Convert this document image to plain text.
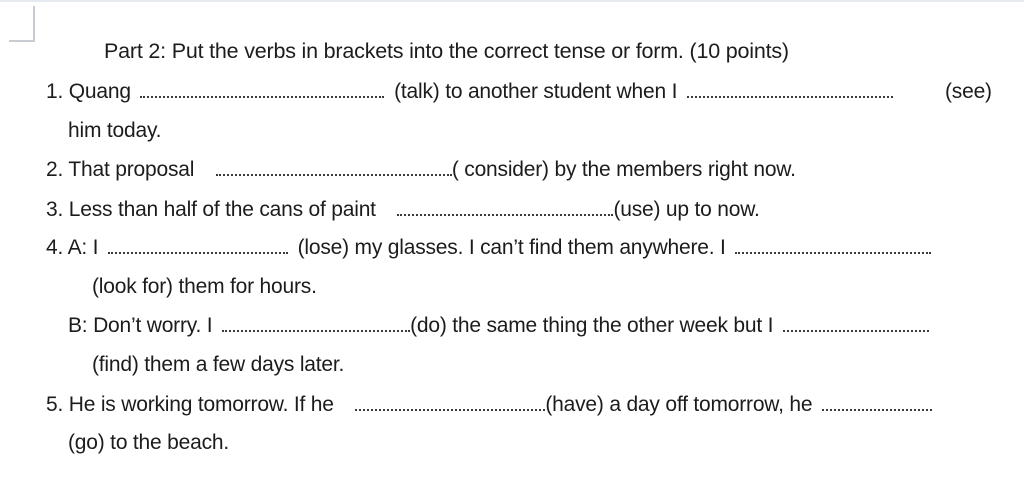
Part 2: Put the verbs in brackets into the correct tense or form. (10 points)
1. Quang	(talk) to another student when I	(see)
him today.
2. That proposal	( consider) by the members right now.
3. Less than half of the cans of paint	(use) up to now.
4. A: I	(lose) my glasses. I can’t find them anywhere. I
(look for) them for hours.
B: Don’t worry. I	(do) the same thing the other week but I
(find) them a few days later.
5. He is working tomorrow. If he	(have) a day off tomorrow, he
(go) to the beach.
